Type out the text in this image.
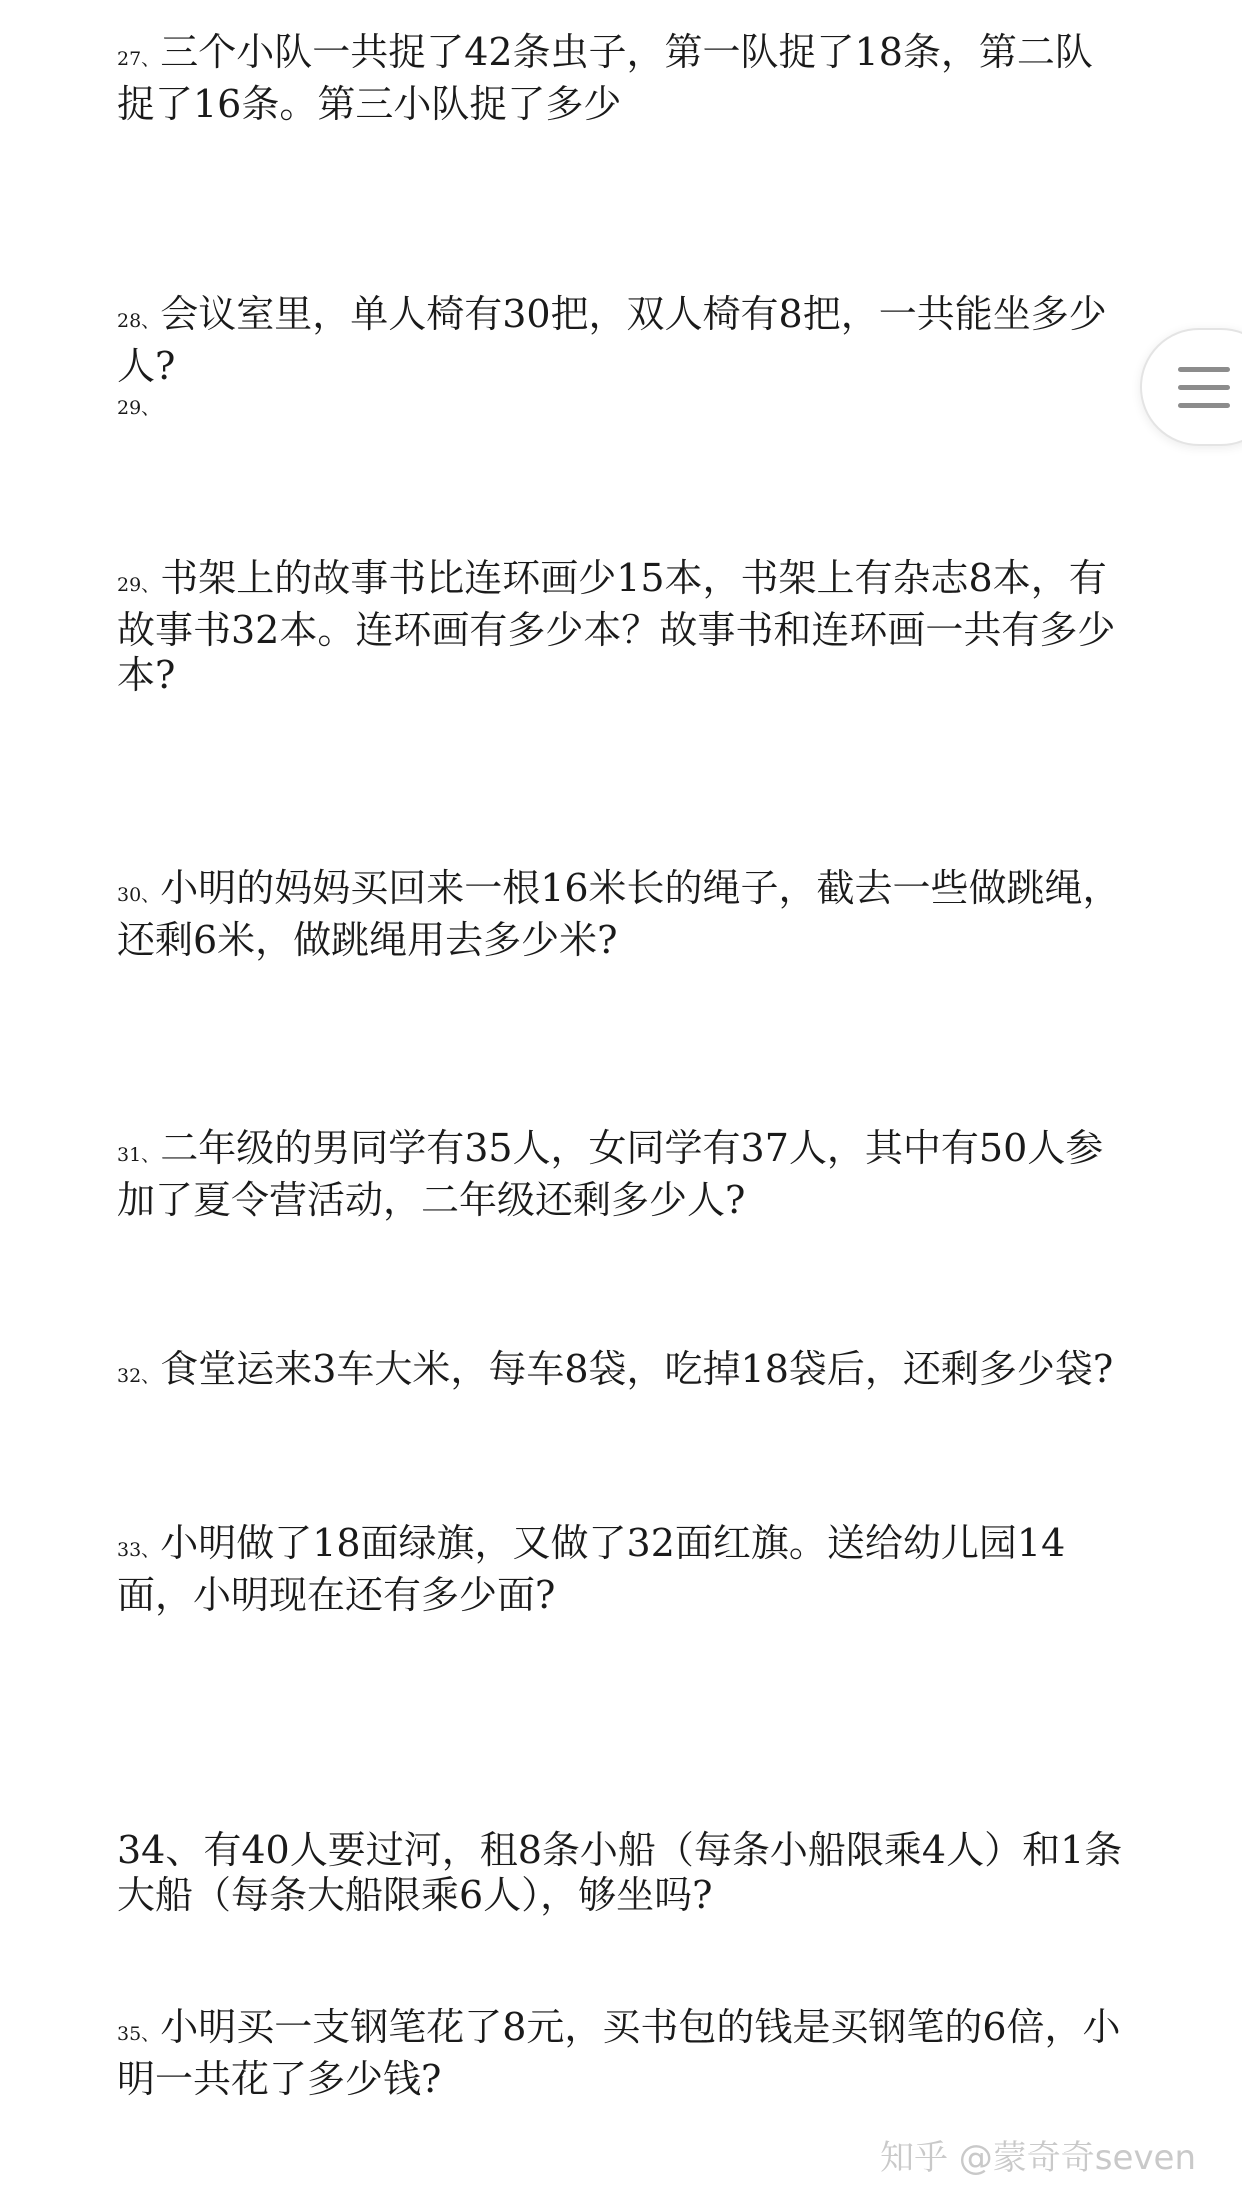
27、三个小队一共捉了42条虫子，第一队捉了18条，第二队捉了16条。第三小队捉了多少
28、会议室里，单人椅有30把，双人椅有8把，一共能坐多少人?
29、
29、书架上的故事书比连环画少15本，书架上有杂志8本，有故事书32本。连环画有多少本？故事书和连环画一共有多少本?
30、小明的妈妈买回来一根16米长的绳子，截去一些做跳绳，还剩6米，做跳绳用去多少米?
31、二年级的男同学有35人，女同学有37人，其中有50人参加了夏令营活动，二年级还剩多少人?
32、食堂运来3车大米，每车8袋，吃掉18袋后，还剩多少袋?
33、小明做了18面绿旗，又做了32面红旗。送给幼儿园14面，小明现在还有多少面?
34、有40人要过河，租8条小船（每条小船限乘4人）和1条大船（每条大船限乘6人），够坐吗?
35、小明买一支钢笔花了8元，买书包的钱是买钢笔的6倍，小明一共花了多少钱?
知乎 @蒙奇奇seven
